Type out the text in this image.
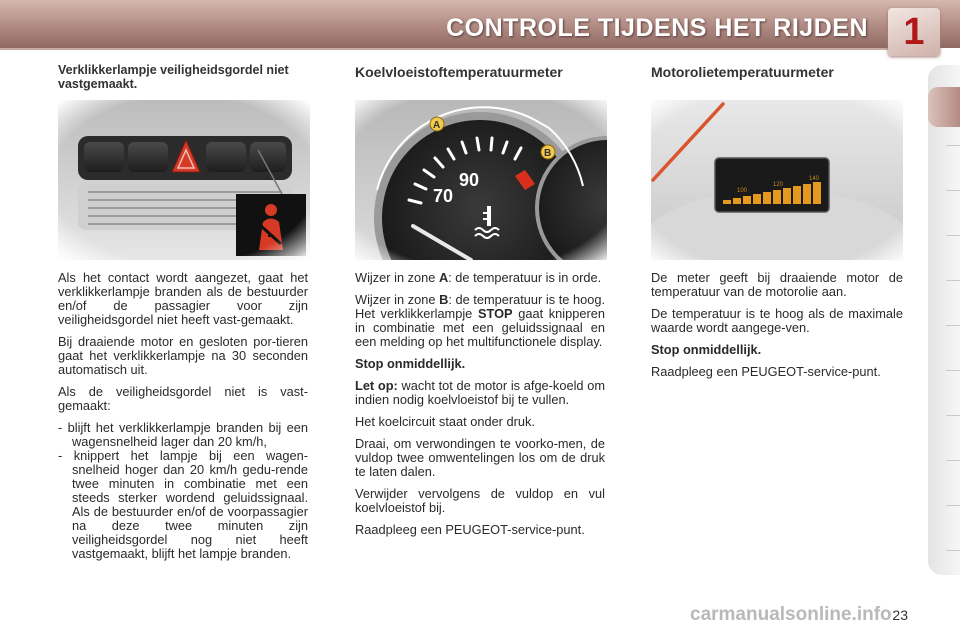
CONTROLE TIJDENS HET RIJDEN 1
Verklikkerlampje veiligheidsgordel niet vastgemaakt.

Als het contact wordt aangezet, gaat het verklikkerlampje branden als de bestuurder en/of de passagier voor zijn veiligheidsgordel niet heeft vast-gemaakt.

Bij draaiende motor en gesloten por-tieren gaat het verklikkerlampje na 30 seconden automatisch uit.

Als de veiligheidsgordel niet is vast-gemaakt:

- blijft het verklikkerlampje branden bij een wagensnelheid lager dan 20 km/h,

- knippert het lampje bij een wagen-snelheid hoger dan 20 km/h gedu-rende twee minuten in combinatie met een steeds sterker wordend geluidssignaal. Als de bestuurder en/of de voorpassagier na deze twee minuten zijn veiligheidsgordel nog niet heeft vastgemaakt, blijft het lampje branden.

Koelvloeistoftemperatuurmeter

Wijzer in zone A: de temperatuur is in orde.

Wijzer in zone B: de temperatuur is te hoog. Het verklikkerlampje STOP gaat knipperen in combinatie met een geluidssignaal en een melding op het multifunctionele display.

Stop onmiddellijk.

Let op: wacht tot de motor is afge-koeld om indien nodig koelvloeistof bij te vullen.

Het koelcircuit staat onder druk.

Draai, om verwondingen te voorko-men, de vuldop twee omwentelingen los om de druk te laten dalen.

Verwijder vervolgens de vuldop en vul koelvloeistof bij.

Raadpleeg een PEUGEOT-service-punt.

Motorolietemperatuurmeter

De meter geeft bij draaiende motor de temperatuur van de motorolie aan.

De temperatuur is te hoog als de maximale waarde wordt aangege-ven.

Stop onmiddellijk.

Raadpleeg een PEUGEOT-service-punt.

carmanualsonline.info 23
